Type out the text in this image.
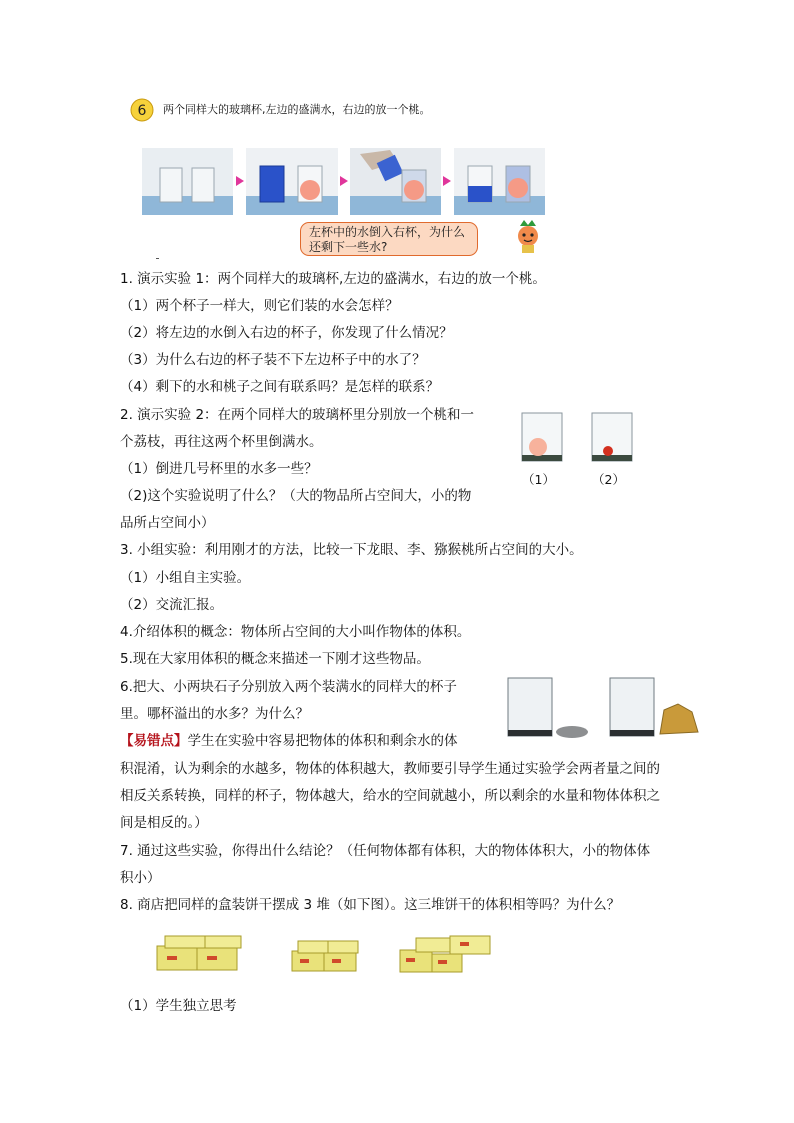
6 两个同样大的玻璃杯,左边的盛满水，右边的放一个桃。
左杯中的水倒入右杯，为什么还剩下一些水?
1. 演示实验 1：两个同样大的玻璃杯,左边的盛满水，右边的放一个桃。
（1）两个杯子一样大，则它们装的水会怎样？
（2）将左边的水倒入右边的杯子，你发现了什么情况？
（3）为什么右边的杯子装不下左边杯子中的水了？
（4）剩下的水和桃子之间有联系吗？是怎样的联系？
2. 演示实验 2：在两个同样大的玻璃杯里分别放一个桃和一
个荔枝，再往这两个杯里倒满水。
（1）倒进几号杯里的水多一些？
（2)这个实验说明了什么？（大的物品所占空间大，小的物
品所占空间小）
3. 小组实验：利用刚才的方法，比较一下龙眼、李、猕猴桃所占空间的大小。
（1）小组自主实验。
（2）交流汇报。
4.介绍体积的概念：物体所占空间的大小叫作物体的体积。
5.现在大家用体积的概念来描述一下刚才这些物品。
6.把大、小两块石子分别放入两个装满水的同样大的杯子
里。哪杯溢出的水多？为什么？
（1）	（2）
【易错点】学生在实验中容易把物体的体积和剩余水的体
积混淆，认为剩余的水越多，物体的体积越大，教师要引导学生通过实验学会两者量之间的
相反关系转换，同样的杯子，物体越大，给水的空间就越小，所以剩余的水量和物体体积之
间是相反的。）
7. 通过这些实验，你得出什么结论？（任何物体都有体积，大的物体体积大，小的物体体
积小）
8. 商店把同样的盒装饼干摆成 3 堆（如下图）。这三堆饼干的体积相等吗？为什么？
（1）学生独立思考
